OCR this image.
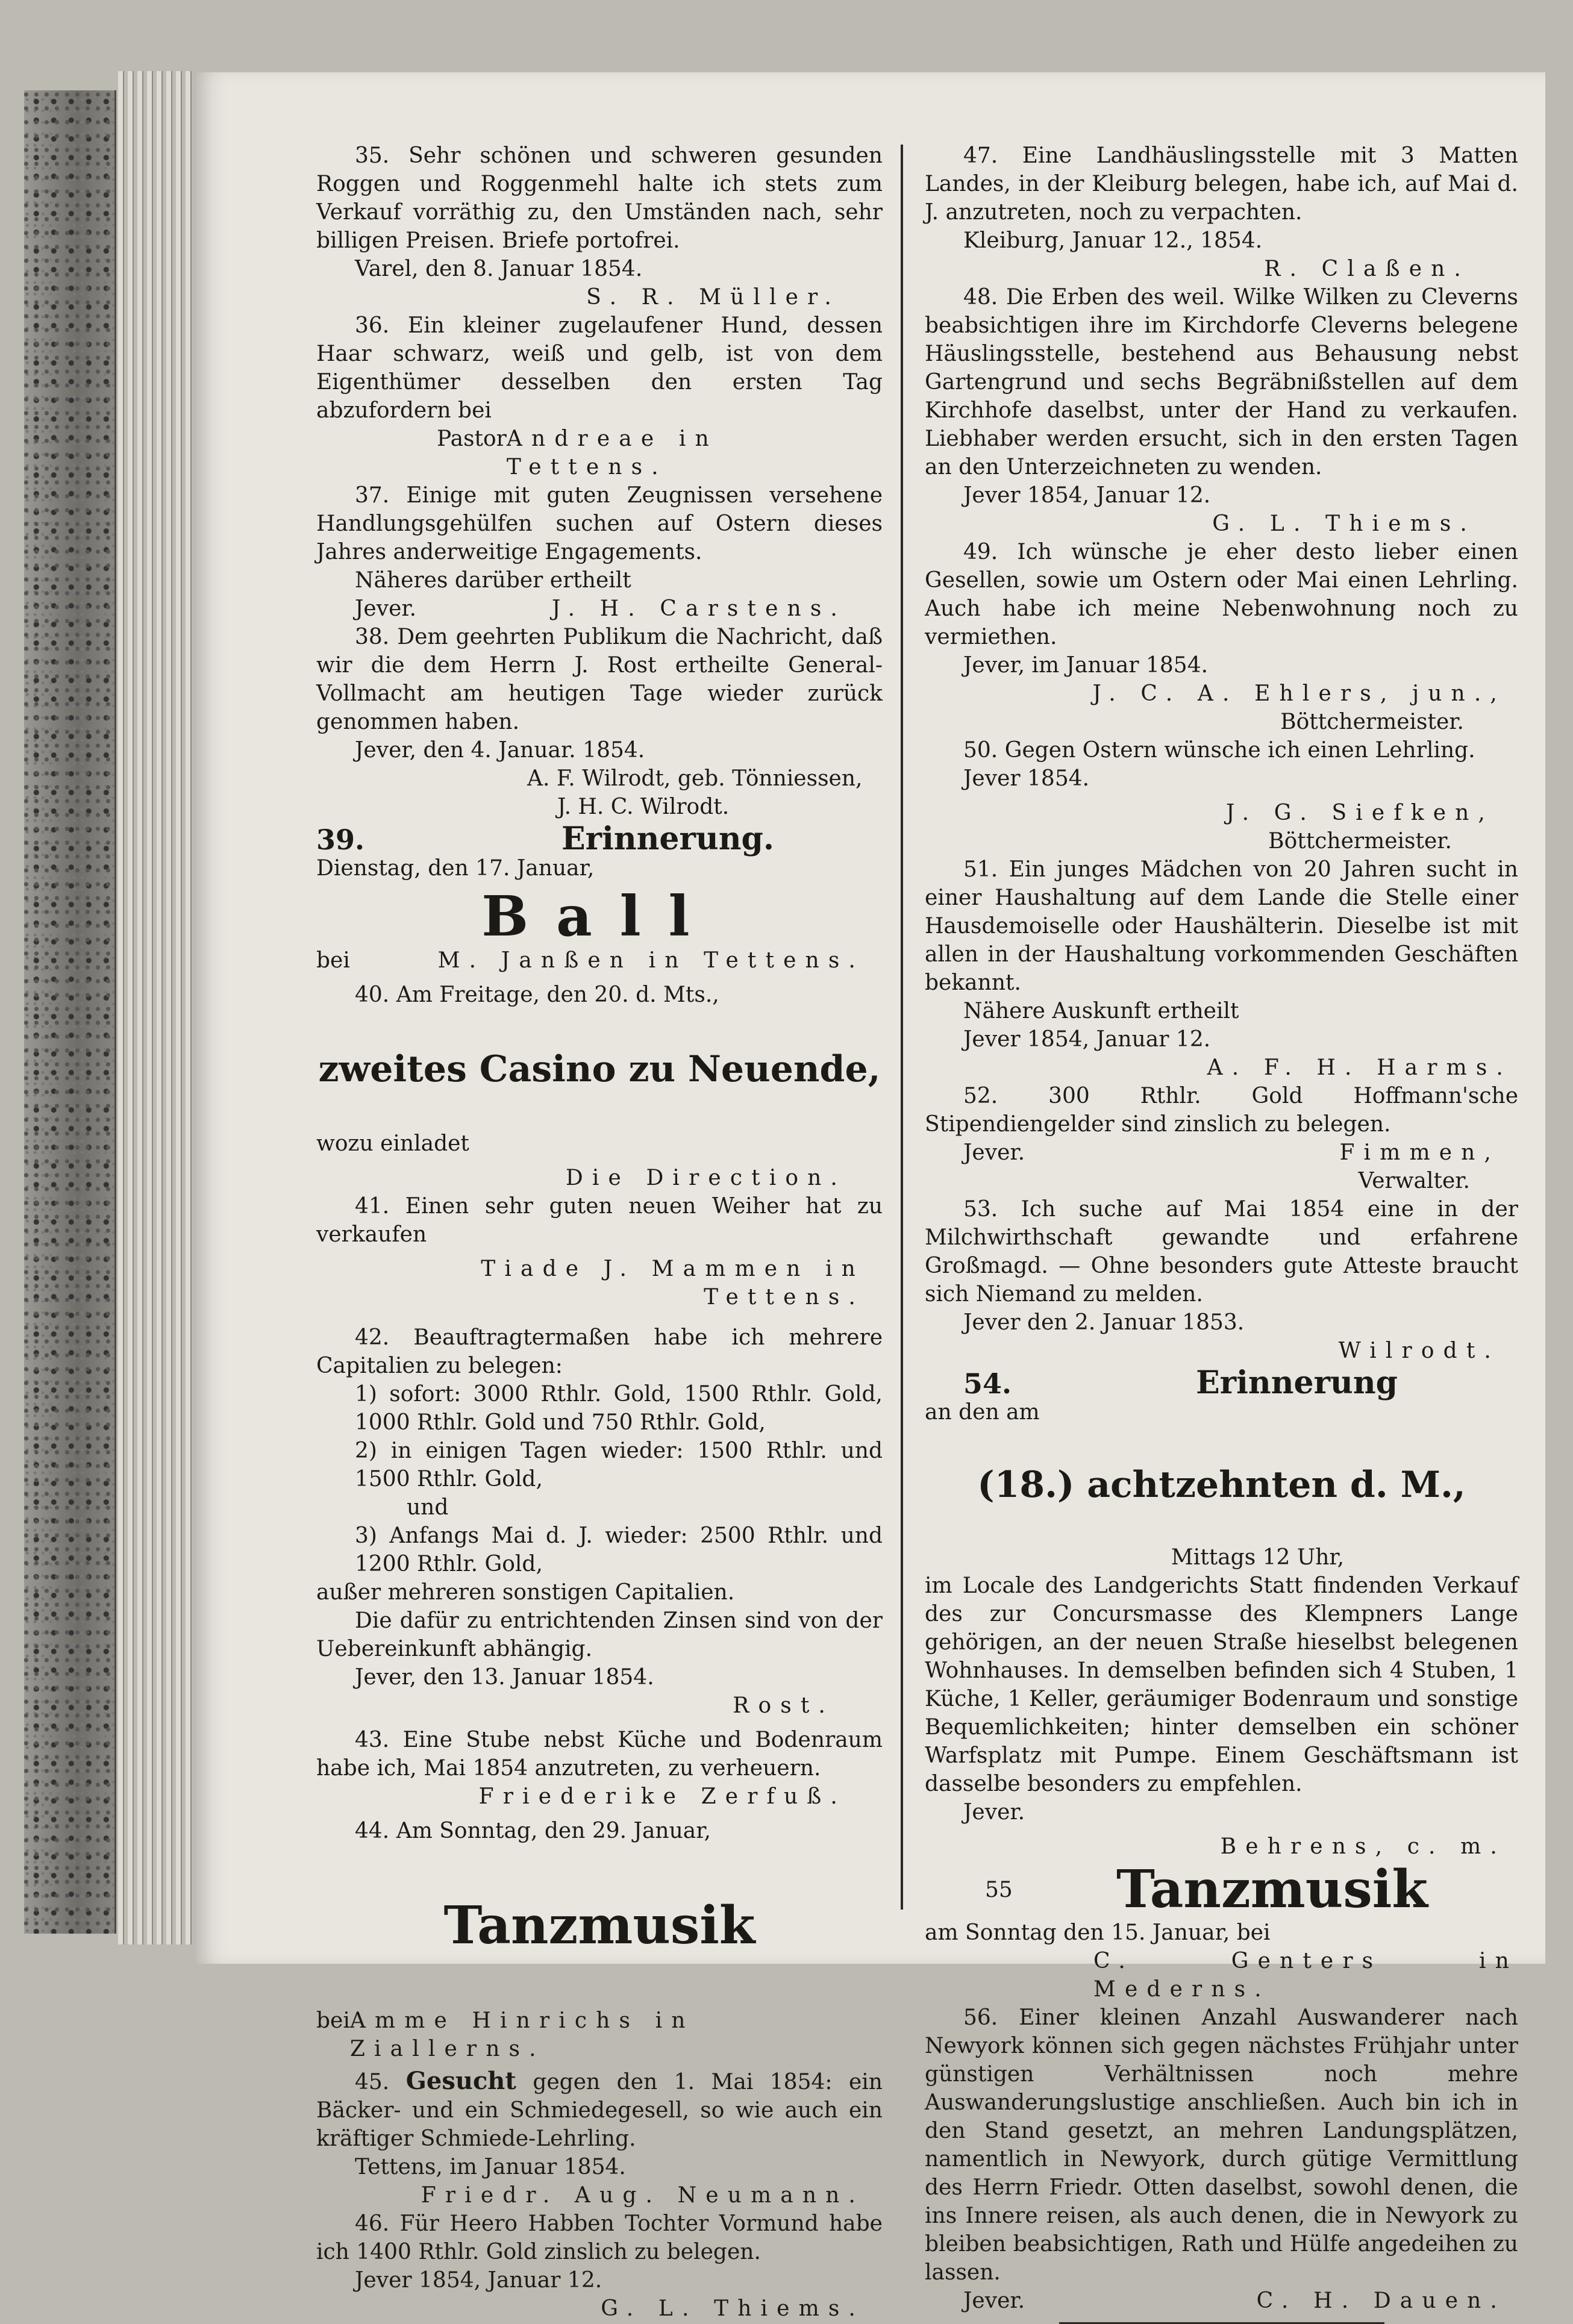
35. Sehr schönen und schweren gesunden Roggen und Roggenmehl halte ich stets zum Verkauf vorräthig zu, den Umständen nach, sehr billigen Preisen. Briefe portofrei.

Varel, den 8. Januar 1854.

S. R. Müller.

36. Ein kleiner zugelaufener Hund, dessen Haar schwarz, weiß und gelb, ist von dem Eigenthümer desselben den ersten Tag abzufordern bei

Pastor Andreae in Tettens.

37. Einige mit guten Zeugnissen versehene Handlungsgehülfen suchen auf Ostern dieses Jahres anderweitige Engagements.

Näheres darüber ertheilt

Jever.	J. H. Carstens.

38. Dem geehrten Publikum die Nachricht, daß wir die dem Herrn J. Rost ertheilte General-Vollmacht am heutigen Tage wieder zurück genommen haben.

Jever, den 4. Januar. 1854.

A. F. Wilrodt, geb. Tönniessen,

J. H. C. Wilrodt.

39.	Erinnerung.

Dienstag, den 17. Januar,

Ball

bei	M. Janßen in Tettens.

40. Am Freitage, den 20. d. Mts.,

zweites Casino zu Neuende,

wozu einladet

Die Direction.

41. Einen sehr guten neuen Weiher hat zu verkaufen

Tiade J. Mammen in Tettens.

42. Beauftragtermaßen habe ich mehrere Capitalien zu belegen:

1) sofort: 3000 Rthlr. Gold, 1500 Rthlr. Gold, 1000 Rthlr. Gold und 750 Rthlr. Gold,

2) in einigen Tagen wieder: 1500 Rthlr. und 1500 Rthlr. Gold,

und

3) Anfangs Mai d. J. wieder: 2500 Rthlr. und 1200 Rthlr. Gold,

außer mehreren sonstigen Capitalien.

Die dafür zu entrichtenden Zinsen sind von der Uebereinkunft abhängig.

Jever, den 13. Januar 1854.

Rost.

43. Eine Stube nebst Küche und Bodenraum habe ich, Mai 1854 anzutreten, zu verheuern.

Friederike Zerfuß.

44. Am Sonntag, den 29. Januar,

Tanzmusik

bei Amme Hinrichs in Ziallerns.

45. Gesucht gegen den 1. Mai 1854: ein Bäcker- und ein Schmiedegesell, so wie auch ein kräftiger Schmiede-Lehrling.

Tettens, im Januar 1854.

Friedr. Aug. Neumann.

46. Für Heero Habben Tochter Vormund habe ich 1400 Rthlr. Gold zinslich zu belegen.

Jever 1854, Januar 12.

G. L. Thiems.

47. Eine Landhäuslingsstelle mit 3 Matten Landes, in der Kleiburg belegen, habe ich, auf Mai d. J. anzutreten, noch zu verpachten.

Kleiburg, Januar 12., 1854.

R. Claßen.

48. Die Erben des weil. Wilke Wilken zu Cleverns beabsichtigen ihre im Kirchdorfe Cleverns belegene Häuslingsstelle, bestehend aus Behausung nebst Gartengrund und sechs Begräbnißstellen auf dem Kirchhofe daselbst, unter der Hand zu verkaufen. Liebhaber werden ersucht, sich in den ersten Tagen an den Unterzeichneten zu wenden.

Jever 1854, Januar 12.

G. L. Thiems.

49. Ich wünsche je eher desto lieber einen Gesellen, sowie um Ostern oder Mai einen Lehrling. Auch habe ich meine Nebenwohnung noch zu vermiethen.

Jever, im Januar 1854.

J. C. A. Ehlers, jun.,

Böttchermeister.

50. Gegen Ostern wünsche ich einen Lehrling.

Jever 1854.

J. G. Siefken,

Böttchermeister.

51. Ein junges Mädchen von 20 Jahren sucht in einer Haushaltung auf dem Lande die Stelle einer Hausdemoiselle oder Haushälterin. Dieselbe ist mit allen in der Haushaltung vorkommenden Geschäften bekannt.

Nähere Auskunft ertheilt

Jever 1854, Januar 12.

A. F. H. Harms.

52. 300 Rthlr. Gold Hoffmann'sche Stipendiengelder sind zinslich zu belegen.

Jever.	Fimmen,

Verwalter.

53. Ich suche auf Mai 1854 eine in der Milchwirthschaft gewandte und erfahrene Großmagd. — Ohne besonders gute Atteste braucht sich Niemand zu melden.

Jever den 2. Januar 1853.

Wilrodt.

54.	Erinnerung

an den am

(18.) achtzehnten d. M.,

Mittags 12 Uhr,

im Locale des Landgerichts Statt findenden Verkauf des zur Concursmasse des Klempners Lange gehörigen, an der neuen Straße hieselbst belegenen Wohnhauses. In demselben befinden sich 4 Stuben, 1 Küche, 1 Keller, geräumiger Bodenraum und sonstige Bequemlichkeiten; hinter demselben ein schöner Warfsplatz mit Pumpe. Einem Geschäftsmann ist dasselbe besonders zu empfehlen.

Jever.

Behrens, c. m.

55 Tanzmusik

am Sonntag den 15. Januar, bei

C. Genters in Mederns.

56. Einer kleinen Anzahl Auswanderer nach Newyork können sich gegen nächstes Frühjahr unter günstigen Verhältnissen noch mehre Auswanderungslustige anschließen. Auch bin ich in den Stand gesetzt, an mehren Landungsplätzen, namentlich in Newyork, durch gütige Vermittlung des Herrn Friedr. Otten daselbst, sowohl denen, die ins Innere reisen, als auch denen, die in Newyork zu bleiben beabsichtigen, Rath und Hülfe angedeihen zu lassen.

Jever.	C. H. Dauen.
